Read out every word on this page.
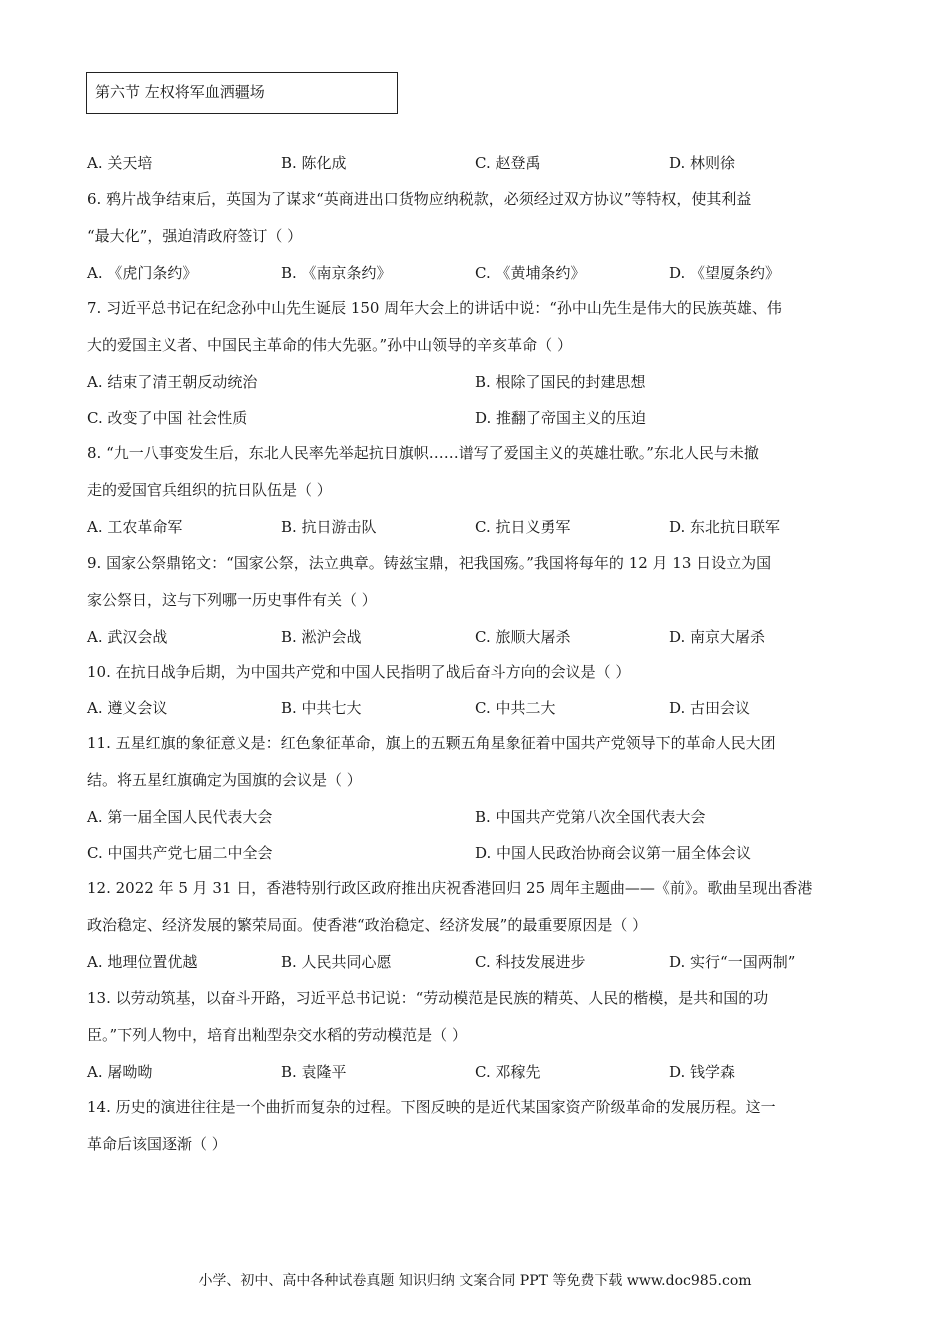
第六节 左权将军血洒疆场
A. 关天培	B. 陈化成	C. 赵登禹	D. 林则徐
6. 鸦片战争结束后，英国为了谋求“英商进出口货物应纳税款，必须经过双方协议”等特权，使其利益
“最大化”，强迫清政府签订（ ）
A. 《虎门条约》	B. 《南京条约》	C. 《黄埔条约》	D. 《望厦条约》
7. 习近平总书记在纪念孙中山先生诞辰 150 周年大会上的讲话中说：“孙中山先生是伟大的民族英雄、伟
大的爱国主义者、中国民主革命的伟大先驱。”孙中山领导的辛亥革命（ ）
A. 结束了清王朝反动统治	B. 根除了国民的封建思想
C. 改变了中国 社会性质	D. 推翻了帝国主义的压迫
8. “九一八事变发生后，东北人民率先举起抗日旗帜……谱写了爱国主义的英雄壮歌。”东北人民与未撤
走的爱国官兵组织的抗日队伍是（ ）
A. 工农革命军	B. 抗日游击队	C. 抗日义勇军	D. 东北抗日联军
9. 国家公祭鼎铭文：“国家公祭，法立典章。铸兹宝鼎，祀我国殇。”我国将每年的 12 月 13 日设立为国
家公祭日，这与下列哪一历史事件有关（ ）
A. 武汉会战	B. 淞沪会战	C. 旅顺大屠杀	D. 南京大屠杀
10. 在抗日战争后期，为中国共产党和中国人民指明了战后奋斗方向的会议是（ ）
A. 遵义会议	B. 中共七大	C. 中共二大	D. 古田会议
11. 五星红旗的象征意义是：红色象征革命，旗上的五颗五角星象征着中国共产党领导下的革命人民大团
结。将五星红旗确定为国旗的会议是（ ）
A. 第一届全国人民代表大会	B. 中国共产党第八次全国代表大会
C. 中国共产党七届二中全会	D. 中国人民政治协商会议第一届全体会议
12. 2022 年 5 月 31 日，香港特别行政区政府推出庆祝香港回归 25 周年主题曲——《前》。歌曲呈现出香港
政治稳定、经济发展的繁荣局面。使香港“政治稳定、经济发展”的最重要原因是（ ）
A. 地理位置优越	B. 人民共同心愿	C. 科技发展进步	D. 实行“一国两制”
13. 以劳动筑基，以奋斗开路，习近平总书记说：“劳动模范是民族的精英、人民的楷模，是共和国的功
臣。”下列人物中，培育出籼型杂交水稻的劳动模范是（ ）
A. 屠呦呦	B. 袁隆平	C. 邓稼先	D. 钱学森
14. 历史的演进往往是一个曲折而复杂的过程。下图反映的是近代某国家资产阶级革命的发展历程。这一
革命后该国逐渐（ ）
小学、初中、高中各种试卷真题 知识归纳 文案合同 PPT 等免费下载 www.doc985.com
